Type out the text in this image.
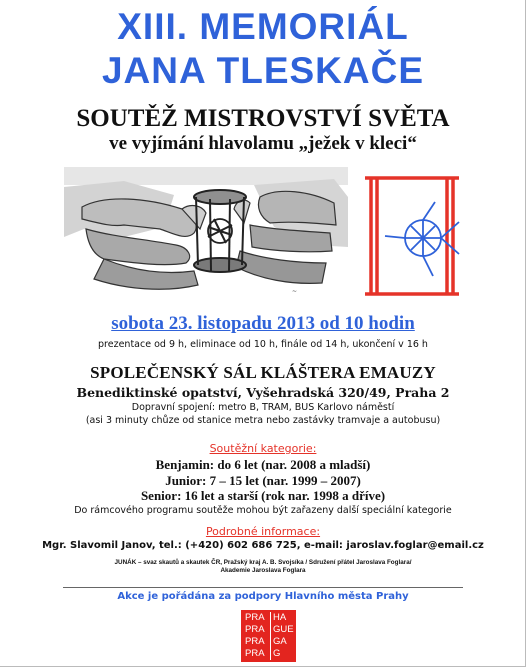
XIII. MEMORIÁL
JANA TLESKAČE
SOUTĚŽ MISTROVSTVÍ SVĚTA
ve vyjímání hlavolamu „ježek v kleci“
~
sobota 23. listopadu 2013 od 10 hodin
prezentace od 9 h, eliminace od 10 h, finále od 14 h, ukončení v 16 h
SPOLEČENSKÝ SÁL KLÁŠTERA EMAUZY
Benediktinské opatství, Vyšehradská 320/49, Praha 2
Dopravní spojení: metro B, TRAM, BUS Karlovo náměstí
(asi 3 minuty chůze od stanice metra nebo zastávky tramvaje a autobusu)
Soutěžní kategorie:
Benjamin: do 6 let (nar. 2008 a mladší)
Junior: 7 – 15 let (nar. 1999 – 2007)
Senior: 16 let a starší (rok nar. 1998 a dříve)
Do rámcového programu soutěže mohou být zařazeny další speciální kategorie
Podrobné informace:
Mgr. Slavomil Janov, tel.: (+420) 602 686 725, e-mail: jaroslav.foglar@email.cz
JUNÁK – svaz skautů a skautek ČR, Pražský kraj A. B. Svojsíka / Sdružení přátel Jaroslava Foglara/
Akademie Jaroslava Foglara
Akce je pořádána za podpory Hlavního města Prahy
PRA HA
PRA GUE
PRA GA
PRA G
